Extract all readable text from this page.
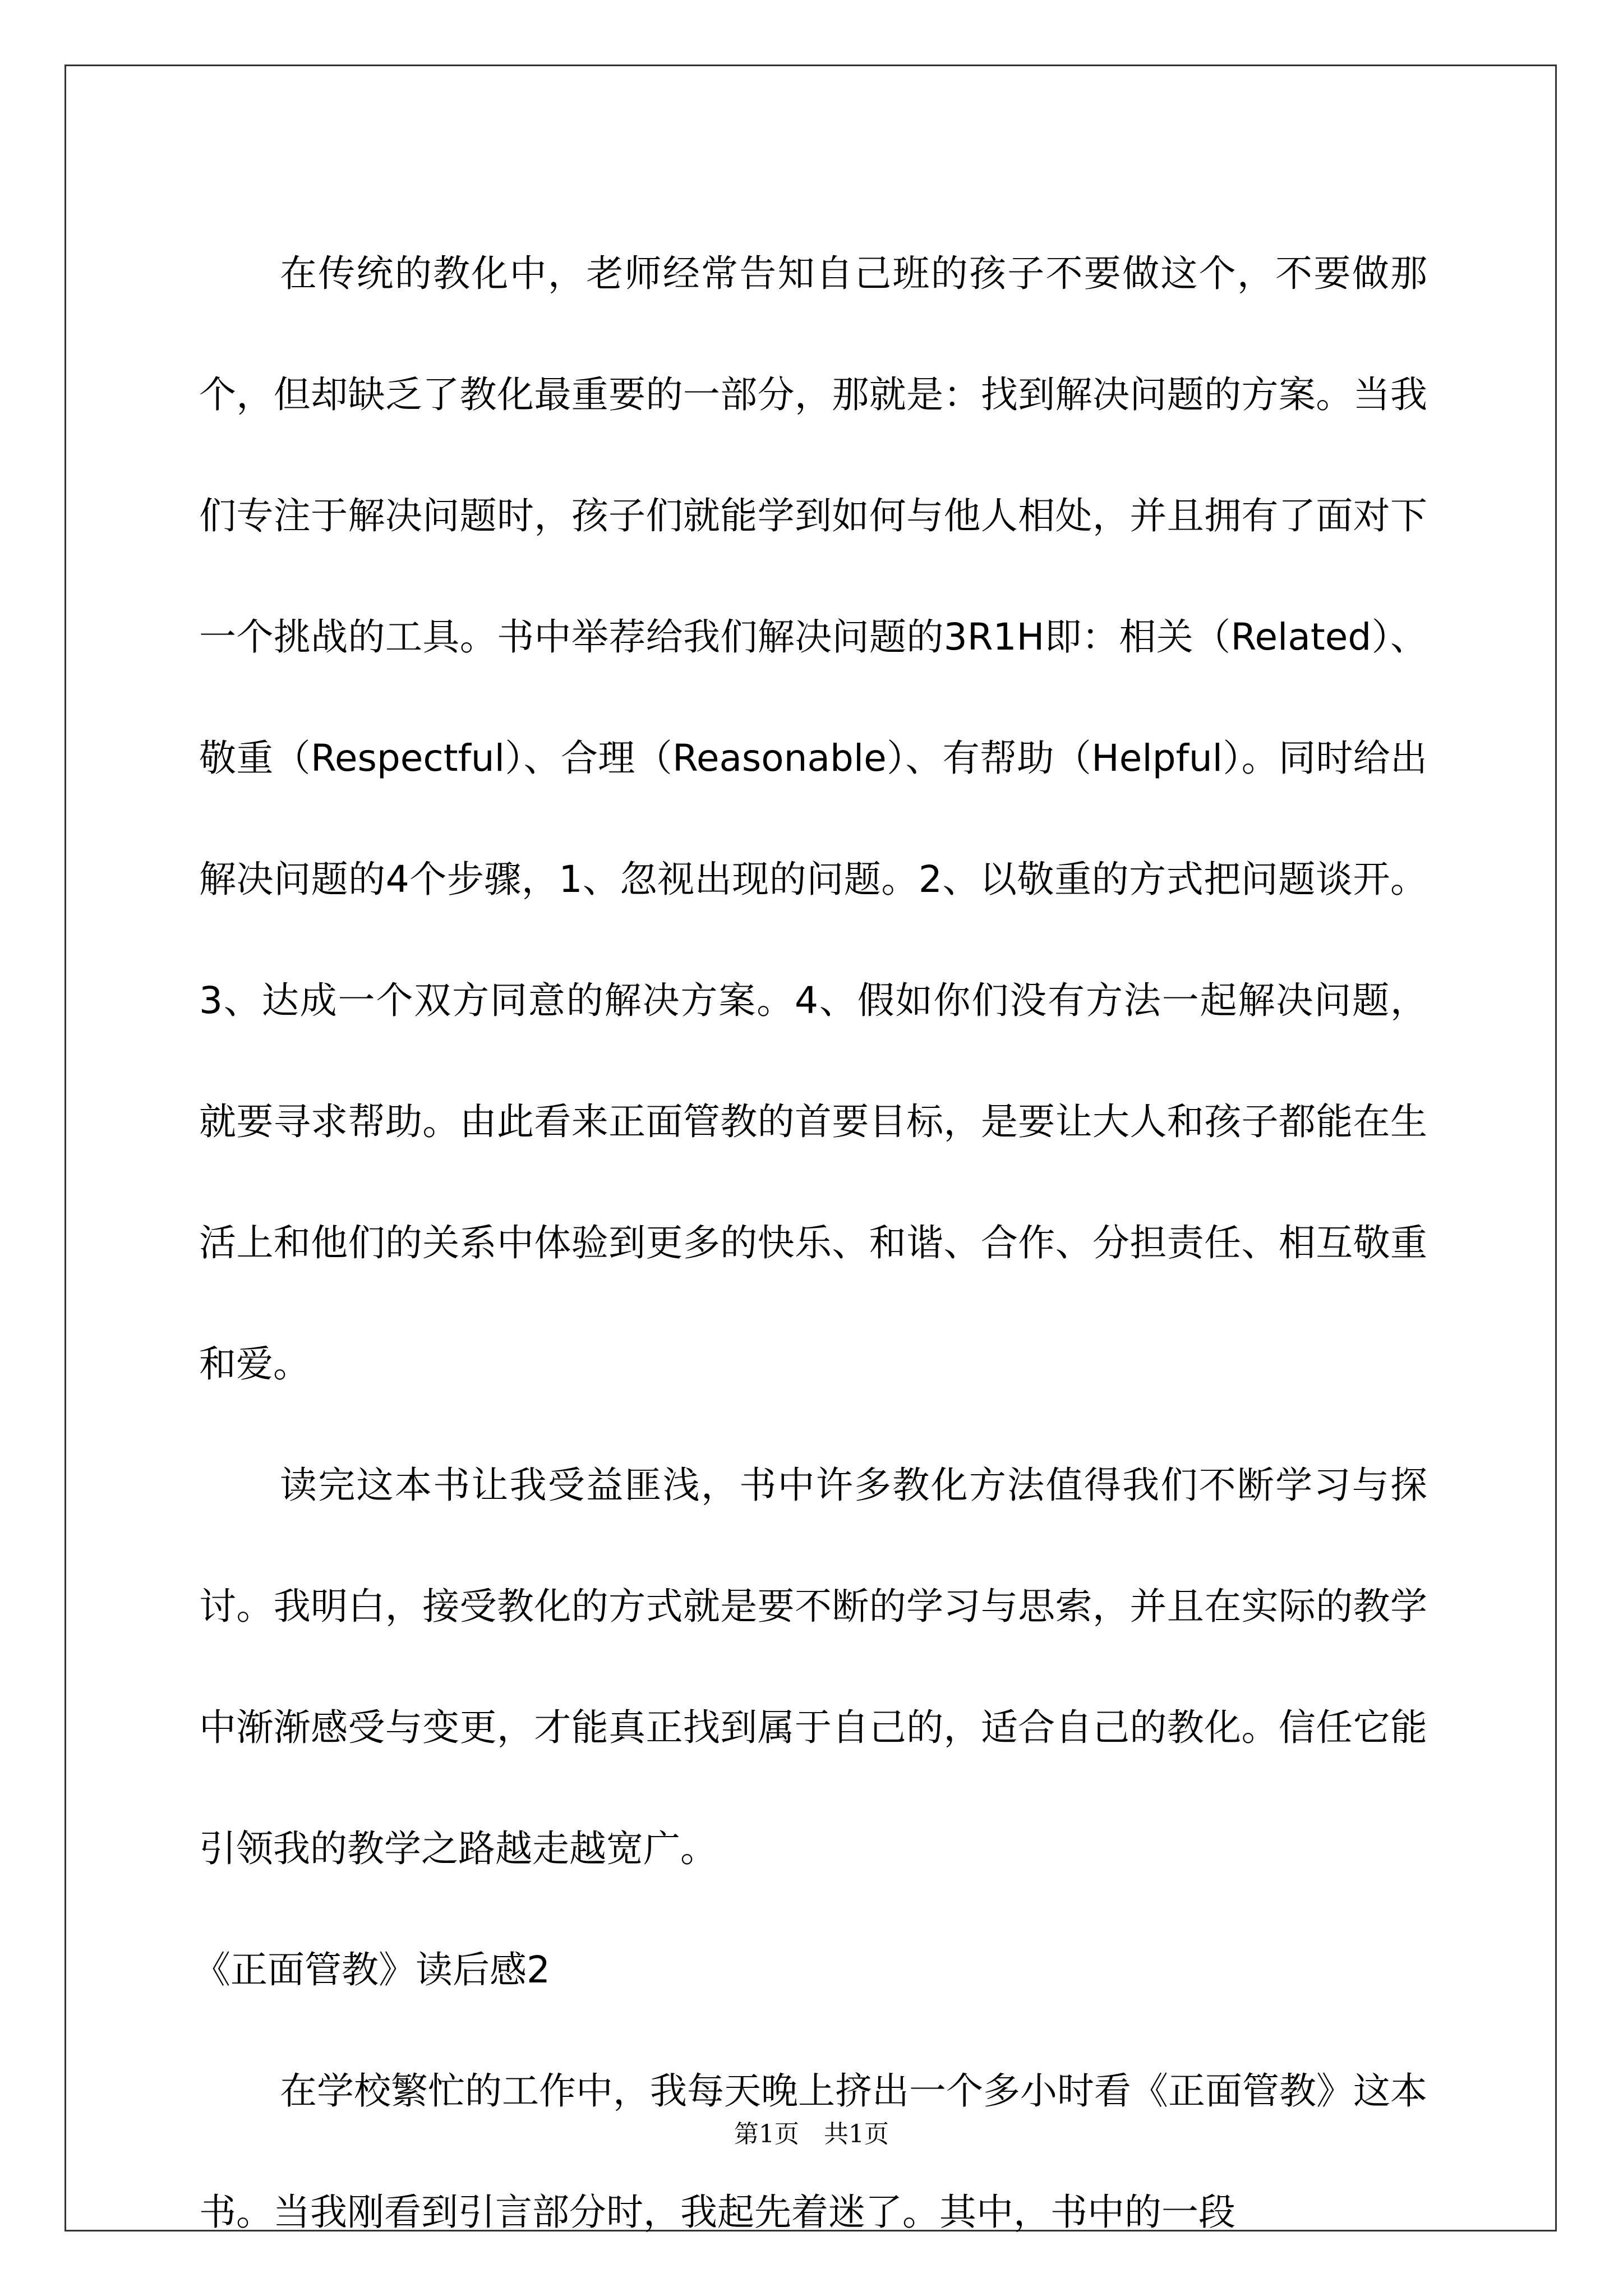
在传统的教化中，老师经常告知自己班的孩子不要做这个，不要做那个，但却缺乏了教化最重要的一部分，那就是：找到解决问题的方案。当我们专注于解决问题时，孩子们就能学到如何与他人相处，并且拥有了面对下一个挑战的工具。书中举荐给我们解决问题的3R1H即：相关（Related）、敬重（Respectful）、合理（Reasonable）、有帮助（Helpful）。同时给出解决问题的4个步骤，1、忽视出现的问题。2、以敬重的方式把问题谈开。3、达成一个双方同意的解决方案。4、假如你们没有方法一起解决问题，就要寻求帮助。由此看来正面管教的首要目标，是要让大人和孩子都能在生活上和他们的关系中体验到更多的快乐、和谐、合作、分担责任、相互敬重和爱。

读完这本书让我受益匪浅，书中许多教化方法值得我们不断学习与探讨。我明白，接受教化的方式就是要不断的学习与思索，并且在实际的教学中渐渐感受与变更，才能真正找到属于自己的，适合自己的教化。信任它能引领我的教学之路越走越宽广。

《正面管教》读后感2

在学校繁忙的工作中，我每天晚上挤出一个多小时看《正面管教》这本书。当我刚看到引言部分时，我起先着迷了。其中，书中的一段

第1页　共1页
